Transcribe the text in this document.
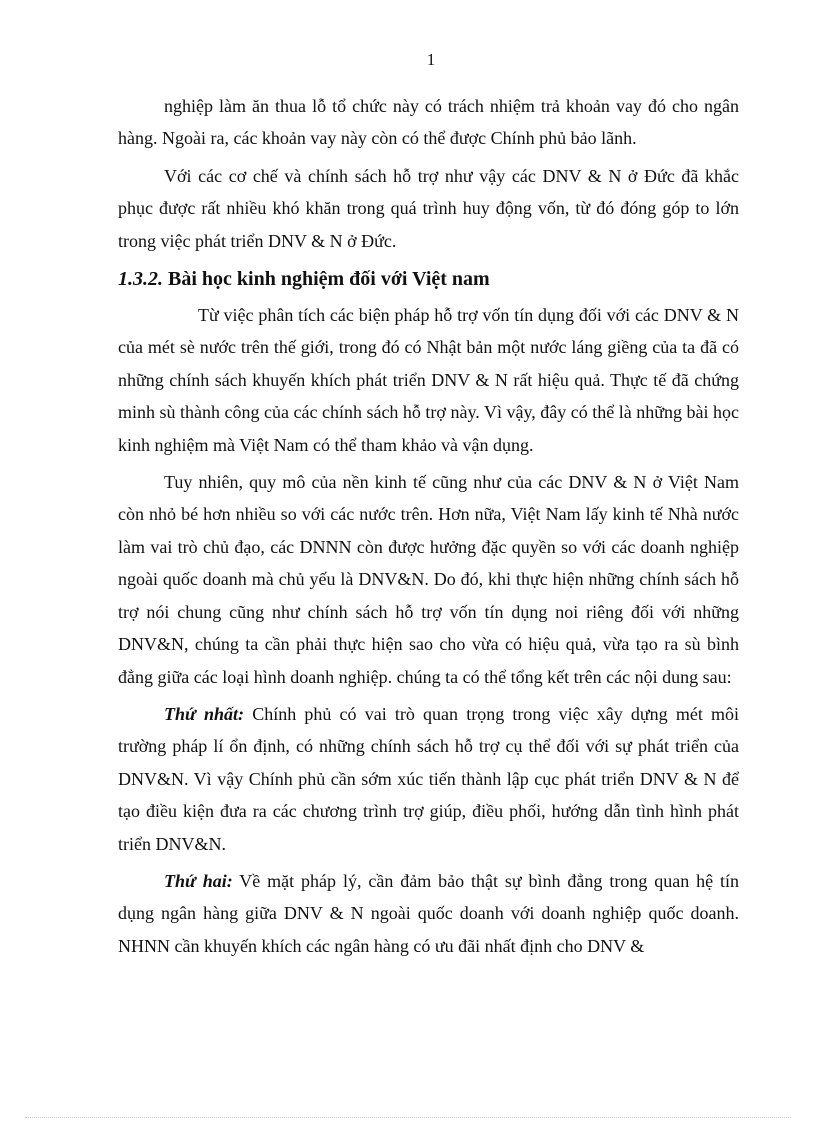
1

nghiệp làm ăn thua lỗ tổ chức này có trách nhiệm trả khoản vay đó cho ngân hàng. Ngoài ra, các khoản vay này còn có thể được Chính phủ bảo lãnh.

Với các cơ chế và chính sách hỗ trợ như vậy các DNV & N ở Đức đã khắc phục được rất nhiều khó khăn trong quá trình huy động vốn, từ đó đóng góp to lớn trong việc phát triển DNV & N ở Đức.

1.3.2. Bài học kinh nghiệm đối với Việt nam

Từ việc phân tích các biện pháp hỗ trợ vốn tín dụng đối với các DNV & N của mét sè nước trên thế giới, trong đó có Nhật bản một nước láng giềng của ta đã có những chính sách khuyến khích phát triển DNV & N rất hiệu quả. Thực tế đã chứng minh sù thành công của các chính sách hỗ trợ này. Vì vậy, đây có thể là những bài học kinh nghiệm mà Việt Nam có thể tham khảo và vận dụng.

Tuy nhiên, quy mô của nền kinh tế cũng như của các DNV & N ở Việt Nam còn nhỏ bé hơn nhiều so với các nước trên. Hơn nữa, Việt Nam lấy kinh tế Nhà nước làm vai trò chủ đạo, các DNNN còn được hưởng đặc quyền so với các doanh nghiệp ngoài quốc doanh mà chủ yếu là DNV&N. Do đó, khi thực hiện những chính sách hỗ trợ nói chung cũng như chính sách hỗ trợ vốn tín dụng noi riêng đối với những DNV&N, chúng ta cần phải thực hiện sao cho vừa có hiệu quả, vừa tạo ra sù bình đẳng giữa các loại hình doanh nghiệp. chúng ta có thể tổng kết trên các nội dung sau:

Thứ nhất: Chính phủ có vai trò quan trọng trong việc xây dựng mét môi trường pháp lí ổn định, có những chính sách hỗ trợ cụ thể đối với sự phát triển của DNV&N. Vì vậy Chính phủ cần sớm xúc tiến thành lập cục phát triển DNV & N để tạo điều kiện đưa ra các chương trình trợ giúp, điều phối, hướng dẫn tình hình phát triển DNV&N.

Thứ hai: Về mặt pháp lý, cần đảm bảo thật sự bình đẳng trong quan hệ tín dụng ngân hàng giữa DNV & N ngoài quốc doanh với doanh nghiệp quốc doanh. NHNN cần khuyến khích các ngân hàng có ưu đãi nhất định cho DNV &
